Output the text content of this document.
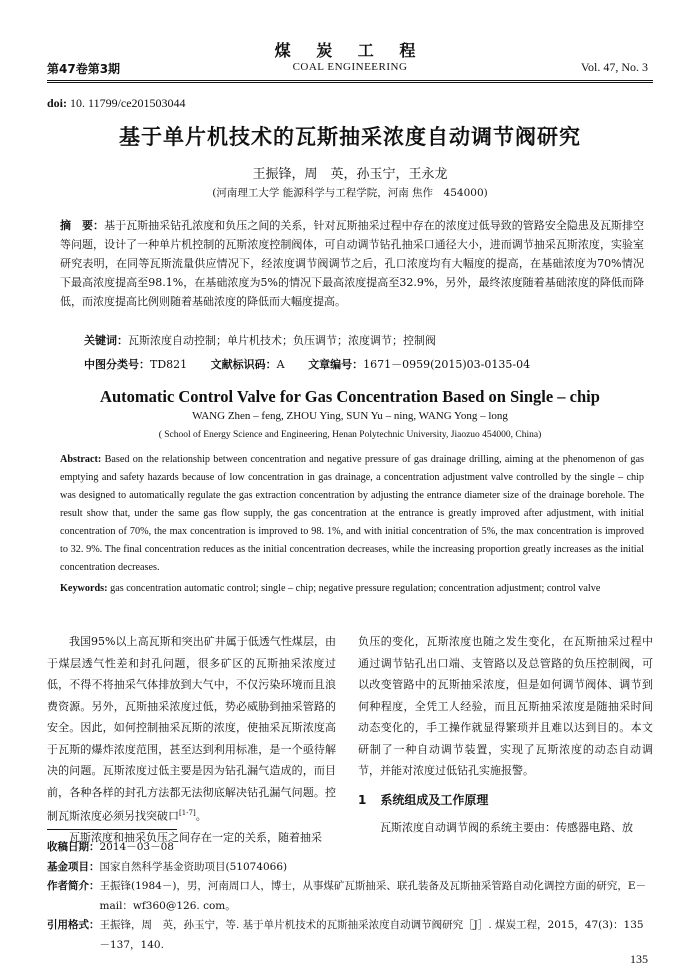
煤 炭 工 程
第47卷第3期	COAL ENGINEERING	Vol. 47, No. 3
doi: 10. 11799/ce201503044
基于单片机技术的瓦斯抽采浓度自动调节阀研究
王振锋，周　英，孙玉宁，王永龙
(河南理工大学 能源科学与工程学院，河南 焦作　454000)
摘　要：基于瓦斯抽采钻孔浓度和负压之间的关系，针对瓦斯抽采过程中存在的浓度过低导致的管路安全隐患及瓦斯排空等问题，设计了一种单片机控制的瓦斯浓度控制阀体，可自动调节钻孔抽采口通径大小，进而调节抽采瓦斯浓度，实验室研究表明，在同等瓦斯流量供应情况下，经浓度调节阀调节之后，孔口浓度均有大幅度的提高，在基础浓度为70%情况下最高浓度提高至98.1%，在基础浓度为5%的情况下最高浓度提高至32.9%，另外，最终浓度随着基础浓度的降低而降低，而浓度提高比例则随着基础浓度的降低而大幅度提高。
关键词：瓦斯浓度自动控制；单片机技术；负压调节；浓度调节；控制阀
中图分类号：TD821 文献标识码：A 文章编号：1671－0959(2015)03-0135-04
Automatic Control Valve for Gas Concentration Based on Single – chip
WANG Zhen – feng, ZHOU Ying, SUN Yu – ning, WANG Yong – long
( School of Energy Science and Engineering, Henan Polytechnic University, Jiaozuo 454000, China)
Abstract: Based on the relationship between concentration and negative pressure of gas drainage drilling, aiming at the phenomenon of gas emptying and safety hazards because of low concentration in gas drainage, a concentration adjustment valve controlled by the single – chip was designed to automatically regulate the gas extraction concentration by adjusting the entrance diameter size of the drainage borehole. The result show that, under the same gas flow supply, the gas concentration at the entrance is greatly improved after adjustment, with initial concentration of 70%, the max concentration is improved to 98. 1%, and with initial concentration of 5%, the max concentration is improved to 32. 9%. The final concentration reduces as the initial concentration decreases, while the increasing proportion greatly increases as the initial concentration decreases.
Keywords: gas concentration automatic control; single – chip; negative pressure regulation; concentration adjustment; control valve

我国95%以上高瓦斯和突出矿井属于低透气性煤层，由于煤层透气性差和封孔问题，很多矿区的瓦斯抽采浓度过低，不得不将抽采气体排放到大气中，不仅污染环境而且浪费资源。另外，瓦斯抽采浓度过低，势必威胁到抽采管路的安全。因此，如何控制抽采瓦斯的浓度，使抽采瓦斯浓度高于瓦斯的爆炸浓度范围，甚至达到利用标准，是一个亟待解决的问题。瓦斯浓度过低主要是因为钻孔漏气造成的，而目前，各种各样的封孔方法都无法彻底解决钻孔漏气问题。控制瓦斯浓度必须另找突破口[1-7]。

瓦斯浓度和抽采负压之间存在一定的关系，随着抽采

负压的变化，瓦斯浓度也随之发生变化，在瓦斯抽采过程中通过调节钻孔出口端、支管路以及总管路的负压控制阀，可以改变管路中的瓦斯抽采浓度，但是如何调节阀体、调节到何种程度，全凭工人经验，而且瓦斯抽采浓度是随抽采时间动态变化的，手工操作就显得繁琐并且难以达到目的。本文研制了一种自动调节装置，实现了瓦斯浓度的动态自动调节，并能对浓度过低钻孔实施报警。

1 系统组成及工作原理

瓦斯浓度自动调节阀的系统主要由：传感器电路、放

收稿日期： 2014－03－08
基金项目： 国家自然科学基金资助项目(51074066)
作者简介： 王振锋(1984－)，男，河南周口人，博士，从事煤矿瓦斯抽采、联孔装备及瓦斯抽采管路自动化调控方面的研究，E－mail：wf360@126. com。
引用格式： 王振锋，周　英，孙玉宁，等. 基于单片机技术的瓦斯抽采浓度自动调节阀研究［J］. 煤炭工程，2015，47(3)：135－137，140.
135
